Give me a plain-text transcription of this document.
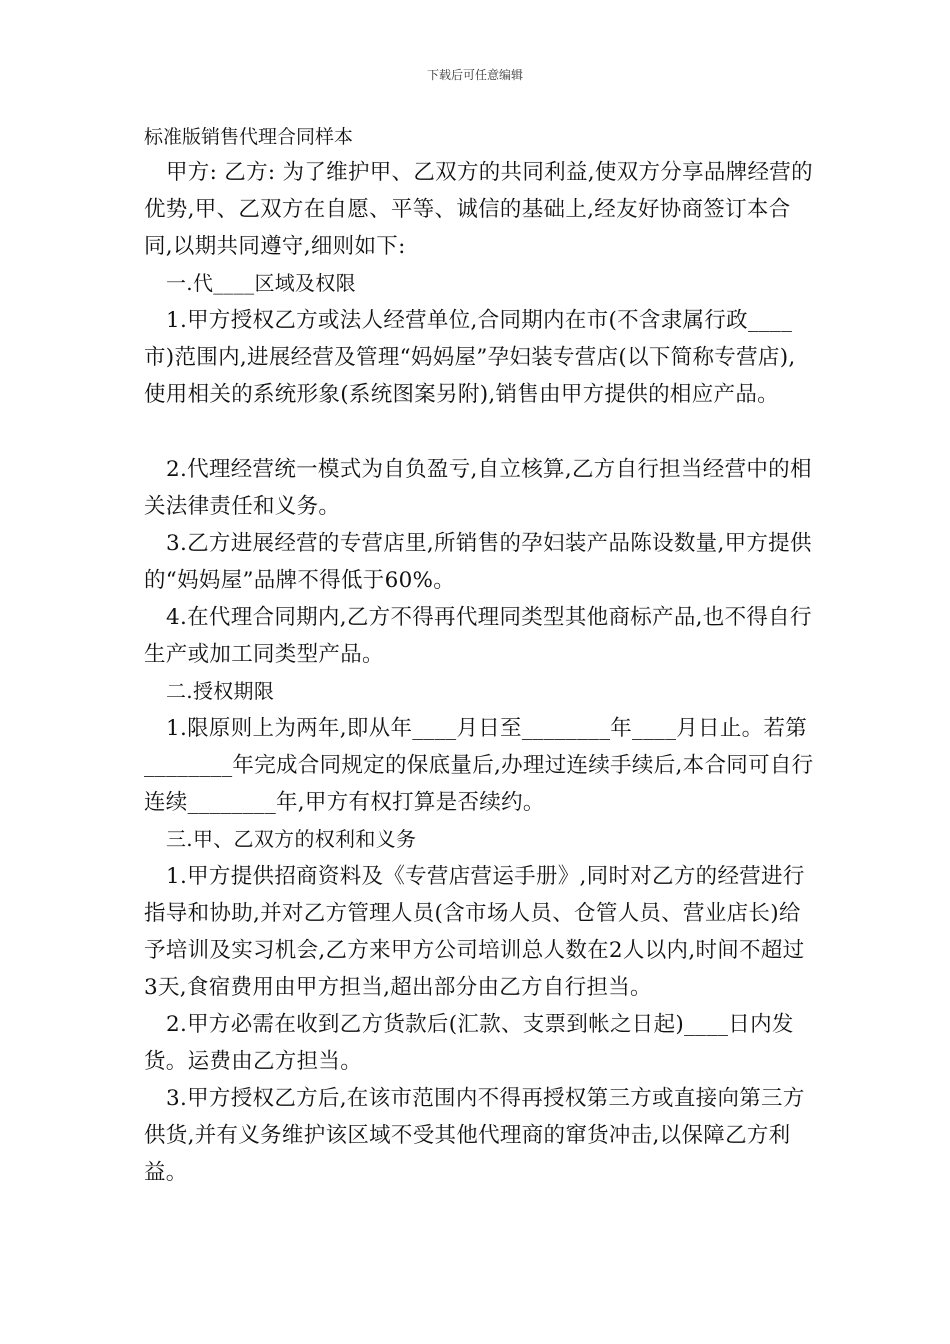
下载后可任意编辑
标准版销售代理合同样本

甲方: 乙方: 为了维护甲、乙双方的共同利益,使双方分享品牌经营的优势,甲、乙双方在自愿、平等、诚信的基础上,经友好协商签订本合同,以期共同遵守,细则如下:

一.代____区域及权限

1.甲方授权乙方或法人经营单位,合同期内在市(不含隶属行政____市)范围内,进展经营及管理“妈妈屋”孕妇装专营店(以下简称专营店),使用相关的系统形象(系统图案另附),销售由甲方提供的相应产品。

2.代理经营统一模式为自负盈亏,自立核算,乙方自行担当经营中的相关法律责任和义务。

3.乙方进展经营的专营店里,所销售的孕妇装产品陈设数量,甲方提供的“妈妈屋”品牌不得低于60%。

4.在代理合同期内,乙方不得再代理同类型其他商标产品,也不得自行生产或加工同类型产品。

二.授权期限

1.限原则上为两年,即从年____月日至________年____月日止。若第________年完成合同规定的保底量后,办理过连续手续后,本合同可自行连续________年,甲方有权打算是否续约。

三.甲、乙双方的权利和义务

1.甲方提供招商资料及《专营店营运手册》,同时对乙方的经营进行指导和协助,并对乙方管理人员(含市场人员、仓管人员、营业店长)给予培训及实习机会,乙方来甲方公司培训总人数在2人以内,时间不超过3天,食宿费用由甲方担当,超出部分由乙方自行担当。

2.甲方必需在收到乙方货款后(汇款、支票到帐之日起)____日内发货。运费由乙方担当。

3.甲方授权乙方后,在该市范围内不得再授权第三方或直接向第三方供货,并有义务维护该区域不受其他代理商的窜货冲击,以保障乙方利益。
